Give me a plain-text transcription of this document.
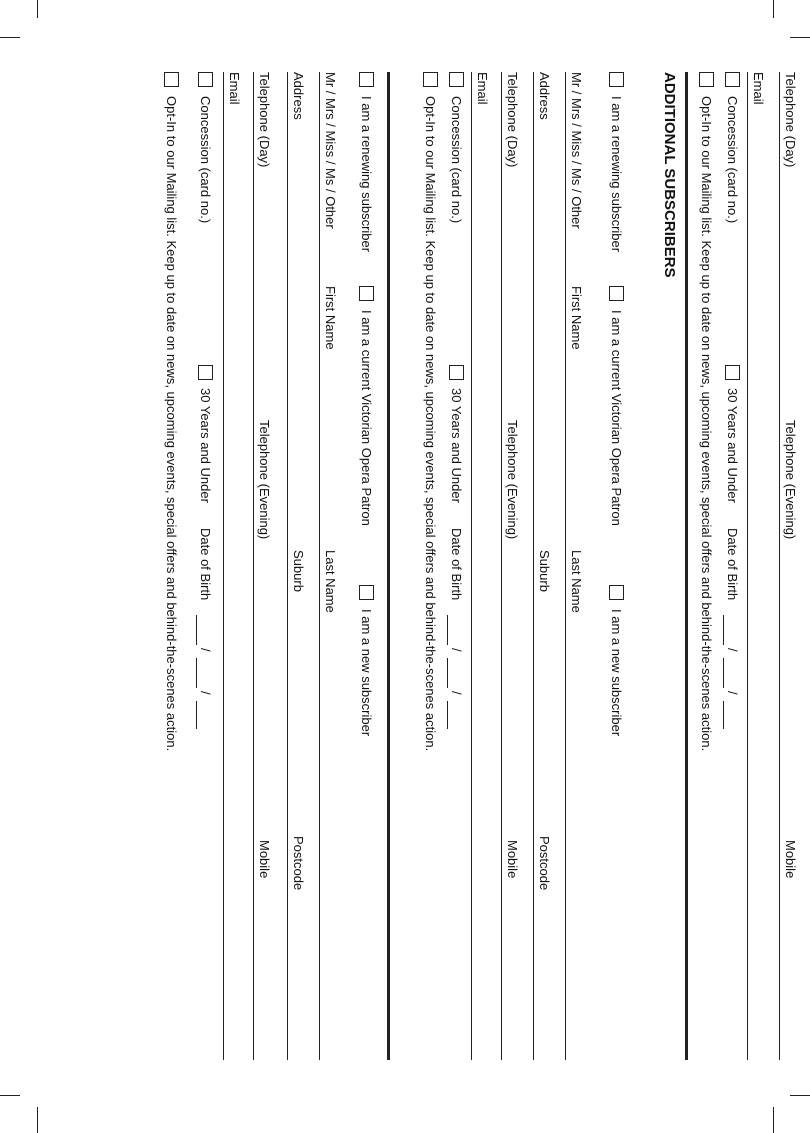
Telephone (Day)
Telephone (Evening)
Mobile
Email
Concession (card no.)
30 Years and Under
Date of Birth
/
/
Opt-In to our Mailing list. Keep up to date on news, upcoming events, special offers and behind-the-scenes action.
ADDITIONAL SUBSCRIBERS
I am a renewing subscriber
I am a current Victorian Opera Patron
I am a new subscriber
Mr / Mrs / Miss / Ms / Other
First Name
Last Name
Address
Suburb
Postcode
Telephone (Day)
Telephone (Evening)
Mobile
Email
Concession (card no.)
30 Years and Under
Date of Birth
/
/
Opt-In to our Mailing list. Keep up to date on news, upcoming events, special offers and behind-the-scenes action.
I am a renewing subscriber
I am a current Victorian Opera Patron
I am a new subscriber
Mr / Mrs / Miss / Ms / Other
First Name
Last Name
Address
Suburb
Postcode
Telephone (Day)
Telephone (Evening)
Mobile
Email
Concession (card no.)
30 Years and Under
Date of Birth
/
/
Opt-In to our Mailing list. Keep up to date on news, upcoming events, special offers and behind-the-scenes action.
